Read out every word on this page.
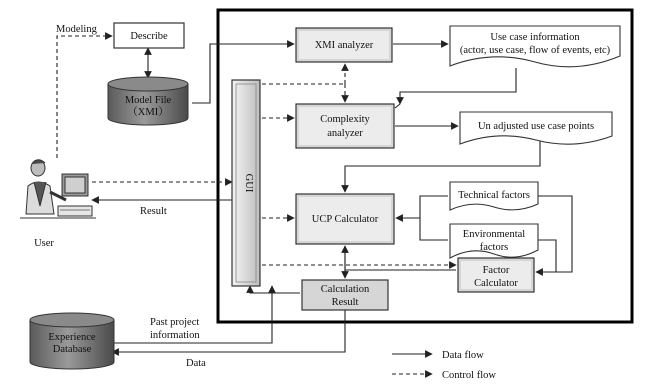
Describe
Model File
（XMI）
GUI
XMI analyzer
Use case information
(actor, use case, flow of events, etc)
Complexity
analyzer
Un adjusted use case points
UCP Calculator
Technical factors
Environmental
factors
Factor
Calculator
Calculation
Result
Experience
Database
User
Modeling
Result
Past project
information
Data
Data flow
Control flow
